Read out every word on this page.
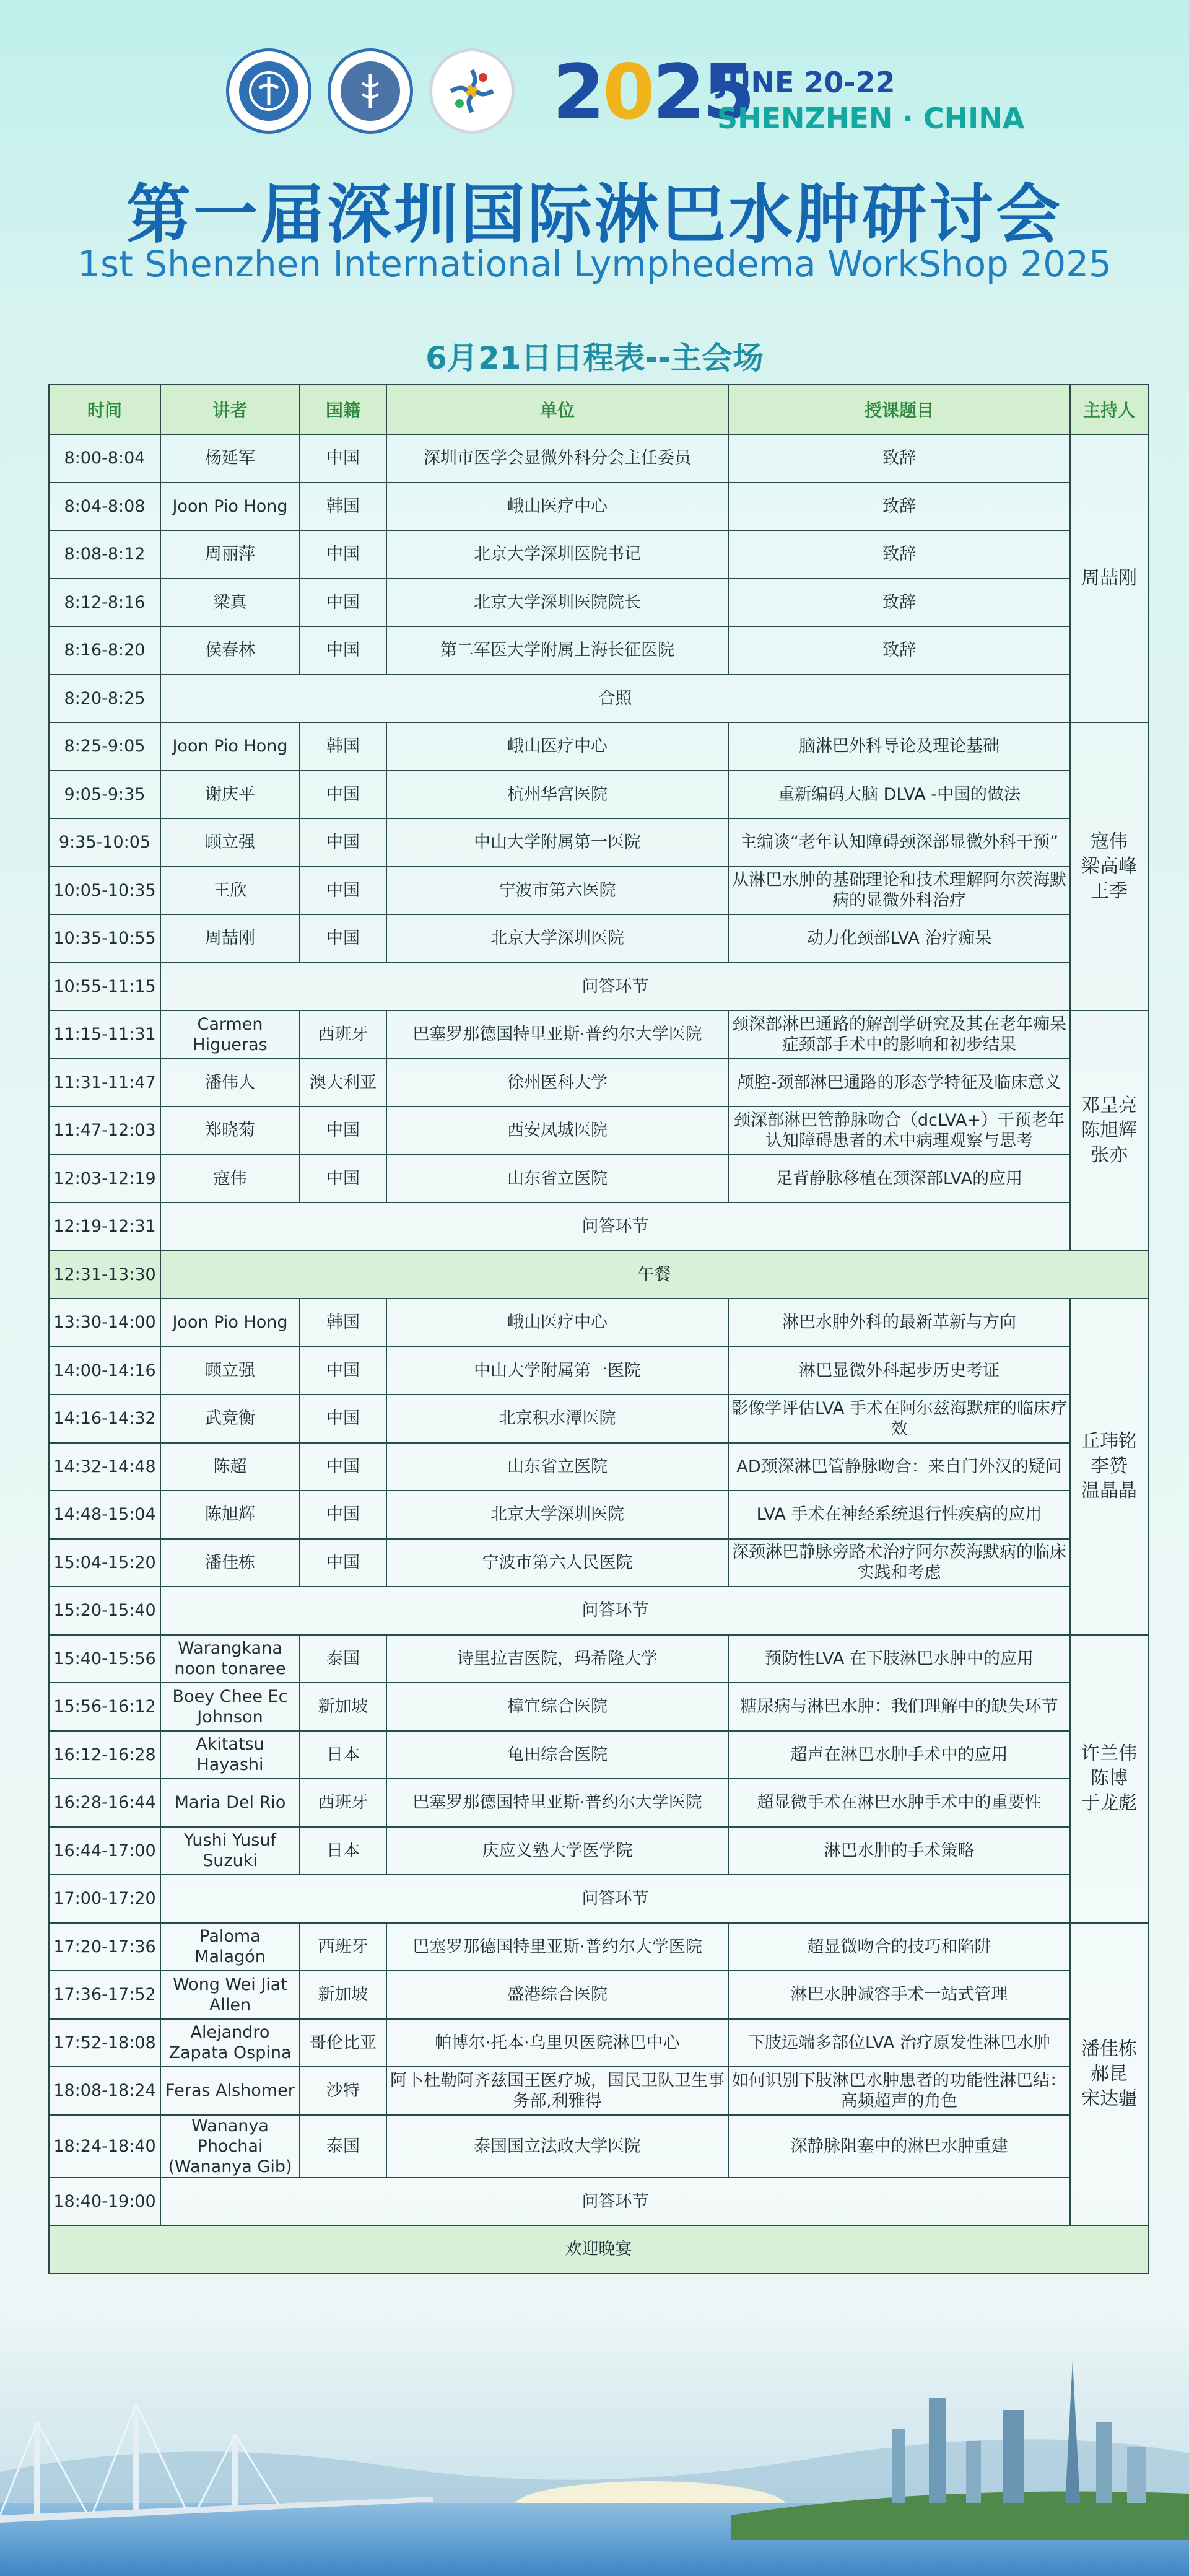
2 0 25
JUNE 20-22
SHENZHEN · CHINA
第一届深圳国际淋巴水肿研讨会
1st Shenzhen International Lymphedema WorkShop 2025
6月21日日程表--主会场
时间	讲者	国籍	单位	授课题目	主持人
8:00-8:04	杨延军	中国	深圳市医学会显微外科分会主任委员	致辞	周喆刚

8:04-8:08	Joon Pio Hong	韩国	峨山医疗中心	致辞	
8:08-8:12	周丽萍	中国	北京大学深圳医院书记	致辞	
8:12-8:16	梁真	中国	北京大学深圳医院院长	致辞	
8:16-8:20	侯春林	中国	第二军医大学附属上海长征医院	致辞	
8:20-8:25	合照				
8:25-9:05	Joon Pio Hong	韩国	峨山医疗中心	脑淋巴外科导论及理论基础	寇伟
梁高峰
王季

9:05-9:35	谢庆平	中国	杭州华宫医院	重新编码大脑 DLVA -中国的做法	
9:35-10:05	顾立强	中国	中山大学附属第一医院	主编谈“老年认知障碍颈深部显微外科干预”	
10:05-10:35	王欣	中国	宁波市第六医院	从淋巴水肿的基础理论和技术理解阿尔茨海默病的显微外科治疗	
10:35-10:55	周喆刚	中国	北京大学深圳医院	动力化颈部LVA 治疗痴呆	
10:55-11:15	问答环节				
11:15-11:31	Carmen Higueras	西班牙	巴塞罗那德国特里亚斯·普约尔大学医院	颈深部淋巴通路的解剖学研究及其在老年痴呆症颈部手术中的影响和初步结果	邓呈亮
陈旭辉
张亦

11:31-11:47	潘伟人	澳大利亚	徐州医科大学	颅腔-颈部淋巴通路的形态学特征及临床意义	
11:47-12:03	郑晓菊	中国	西安凤城医院	颈深部淋巴管静脉吻合（dcLVA+）干预老年认知障碍患者的术中病理观察与思考	
12:03-12:19	寇伟	中国	山东省立医院	足背静脉移植在颈深部LVA的应用	
12:19-12:31	问答环节				
12:31-13:30	午餐				
13:30-14:00	Joon Pio Hong	韩国	峨山医疗中心	淋巴水肿外科的最新革新与方向	丘玮铭
李赞
温晶晶

14:00-14:16	顾立强	中国	中山大学附属第一医院	淋巴显微外科起步历史考证	
14:16-14:32	武竞衡	中国	北京积水潭医院	影像学评估LVA 手术在阿尔兹海默症的临床疗效	
14:32-14:48	陈超	中国	山东省立医院	AD颈深淋巴管静脉吻合：来自门外汉的疑问	
14:48-15:04	陈旭辉	中国	北京大学深圳医院	LVA 手术在神经系统退行性疾病的应用	
15:04-15:20	潘佳栋	中国	宁波市第六人民医院	深颈淋巴静脉旁路术治疗阿尔茨海默病的临床实践和考虑	
15:20-15:40	问答环节				
15:40-15:56	Warangkana noon tonaree	泰国	诗里拉吉医院，玛希隆大学	预防性LVA 在下肢淋巴水肿中的应用	许兰伟
陈博
于龙彪

15:56-16:12	Boey Chee Ec Johnson	新加坡	樟宜综合医院	糖尿病与淋巴水肿：我们理解中的缺失环节	
16:12-16:28	Akitatsu Hayashi	日本	龟田综合医院	超声在淋巴水肿手术中的应用	
16:28-16:44	Maria Del Rio	西班牙	巴塞罗那德国特里亚斯·普约尔大学医院	超显微手术在淋巴水肿手术中的重要性	
16:44-17:00	Yushi Yusuf Suzuki	日本	庆应义塾大学医学院	淋巴水肿的手术策略	
17:00-17:20	问答环节				
17:20-17:36	Paloma Malagón	西班牙	巴塞罗那德国特里亚斯·普约尔大学医院	超显微吻合的技巧和陷阱	潘佳栋
郝昆
宋达疆

17:36-17:52	Wong Wei Jiat Allen	新加坡	盛港综合医院	淋巴水肿减容手术一站式管理	
17:52-18:08	Alejandro Zapata Ospina	哥伦比亚	帕博尔·托本·乌里贝医院淋巴中心	下肢远端多部位LVA 治疗原发性淋巴水肿	
18:08-18:24	Feras Alshomer	沙特	阿卜杜勒阿齐兹国王医疗城，国民卫队卫生事务部,利雅得	如何识别下肢淋巴水肿患者的功能性淋巴结：高频超声的角色	
18:24-18:40	Wananya Phochai (Wananya Gib)	泰国	泰国国立法政大学医院	深静脉阻塞中的淋巴水肿重建	
18:40-19:00	问答环节				
欢迎晚宴					
